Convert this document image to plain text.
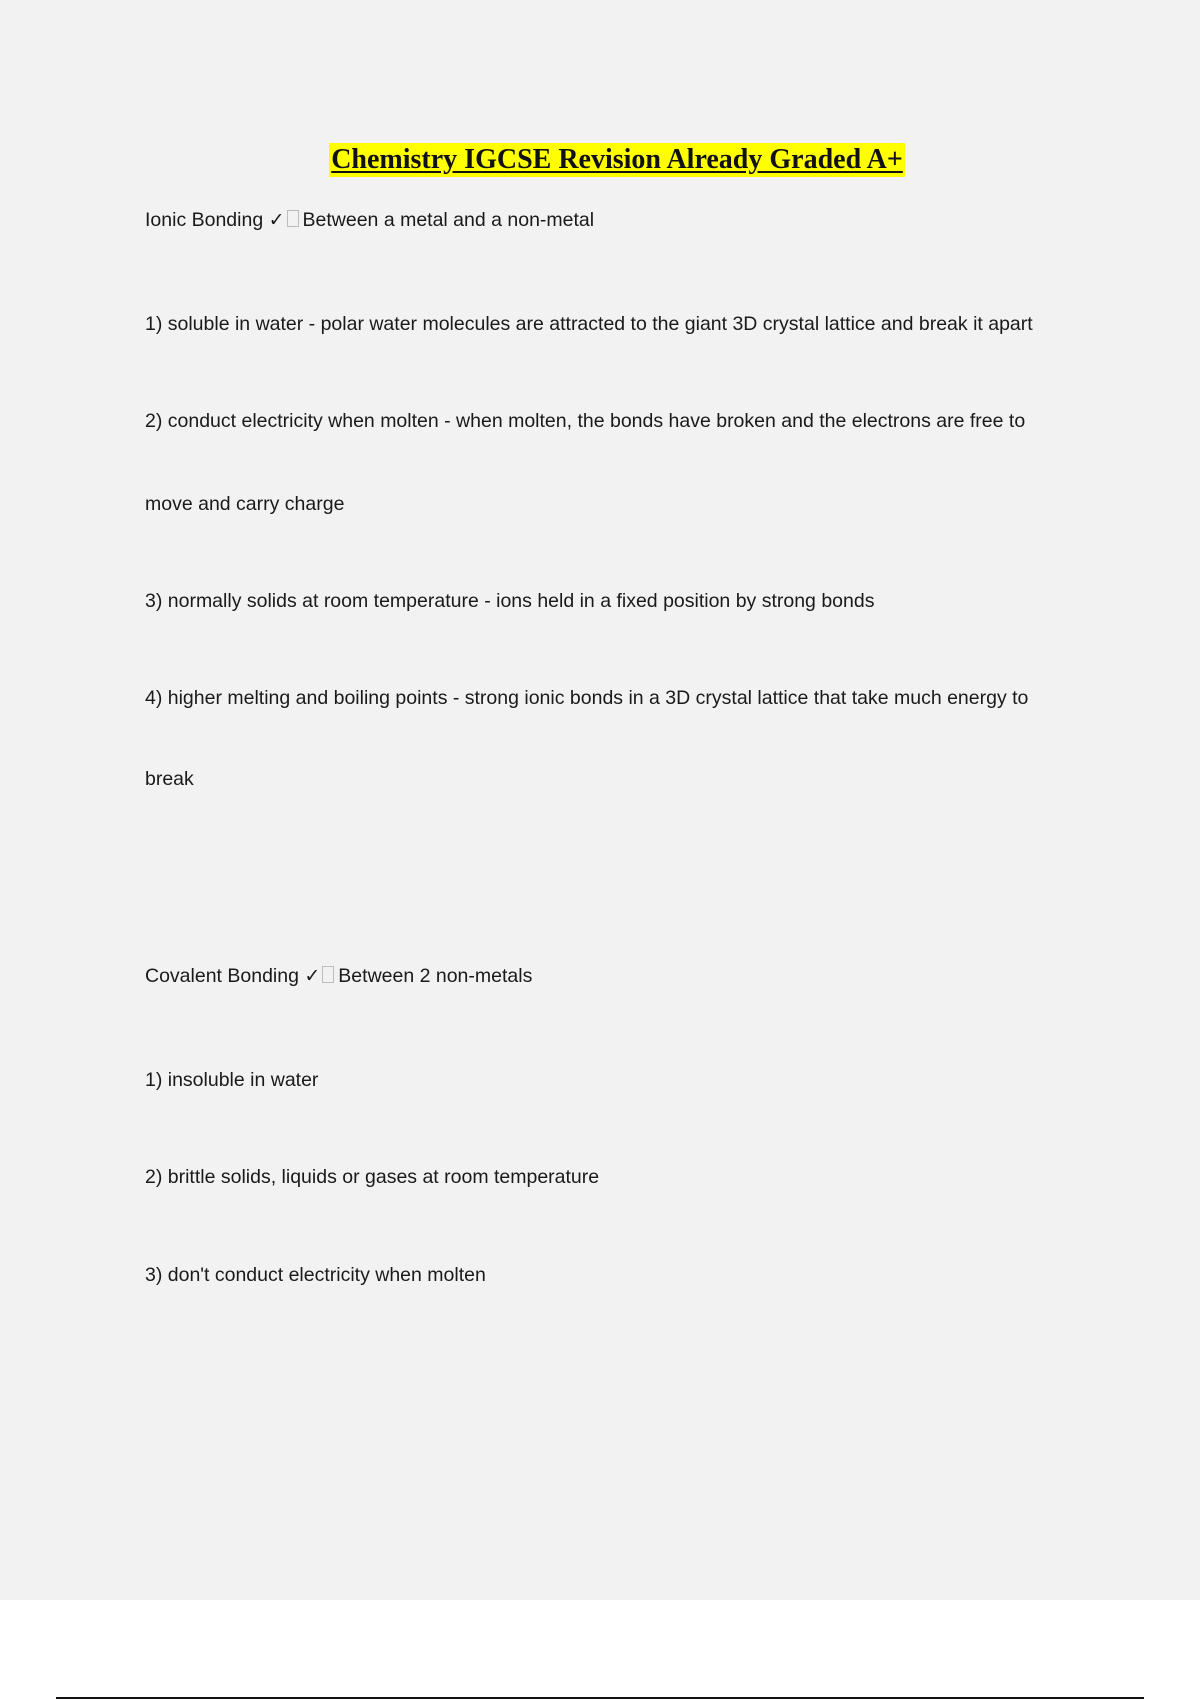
Chemistry IGCSE Revision Already Graded A+
Ionic Bonding ✓ Between a metal and a non-metal
1) soluble in water - polar water molecules are attracted to the giant 3D crystal lattice and break it apart
2) conduct electricity when molten - when molten, the bonds have broken and the electrons are free to
move and carry charge
3) normally solids at room temperature - ions held in a fixed position by strong bonds
4) higher melting and boiling points - strong ionic bonds in a 3D crystal lattice that take much energy to
break
Covalent Bonding ✓ Between 2 non-metals
1) insoluble in water
2) brittle solids, liquids or gases at room temperature
3) don't conduct electricity when molten
